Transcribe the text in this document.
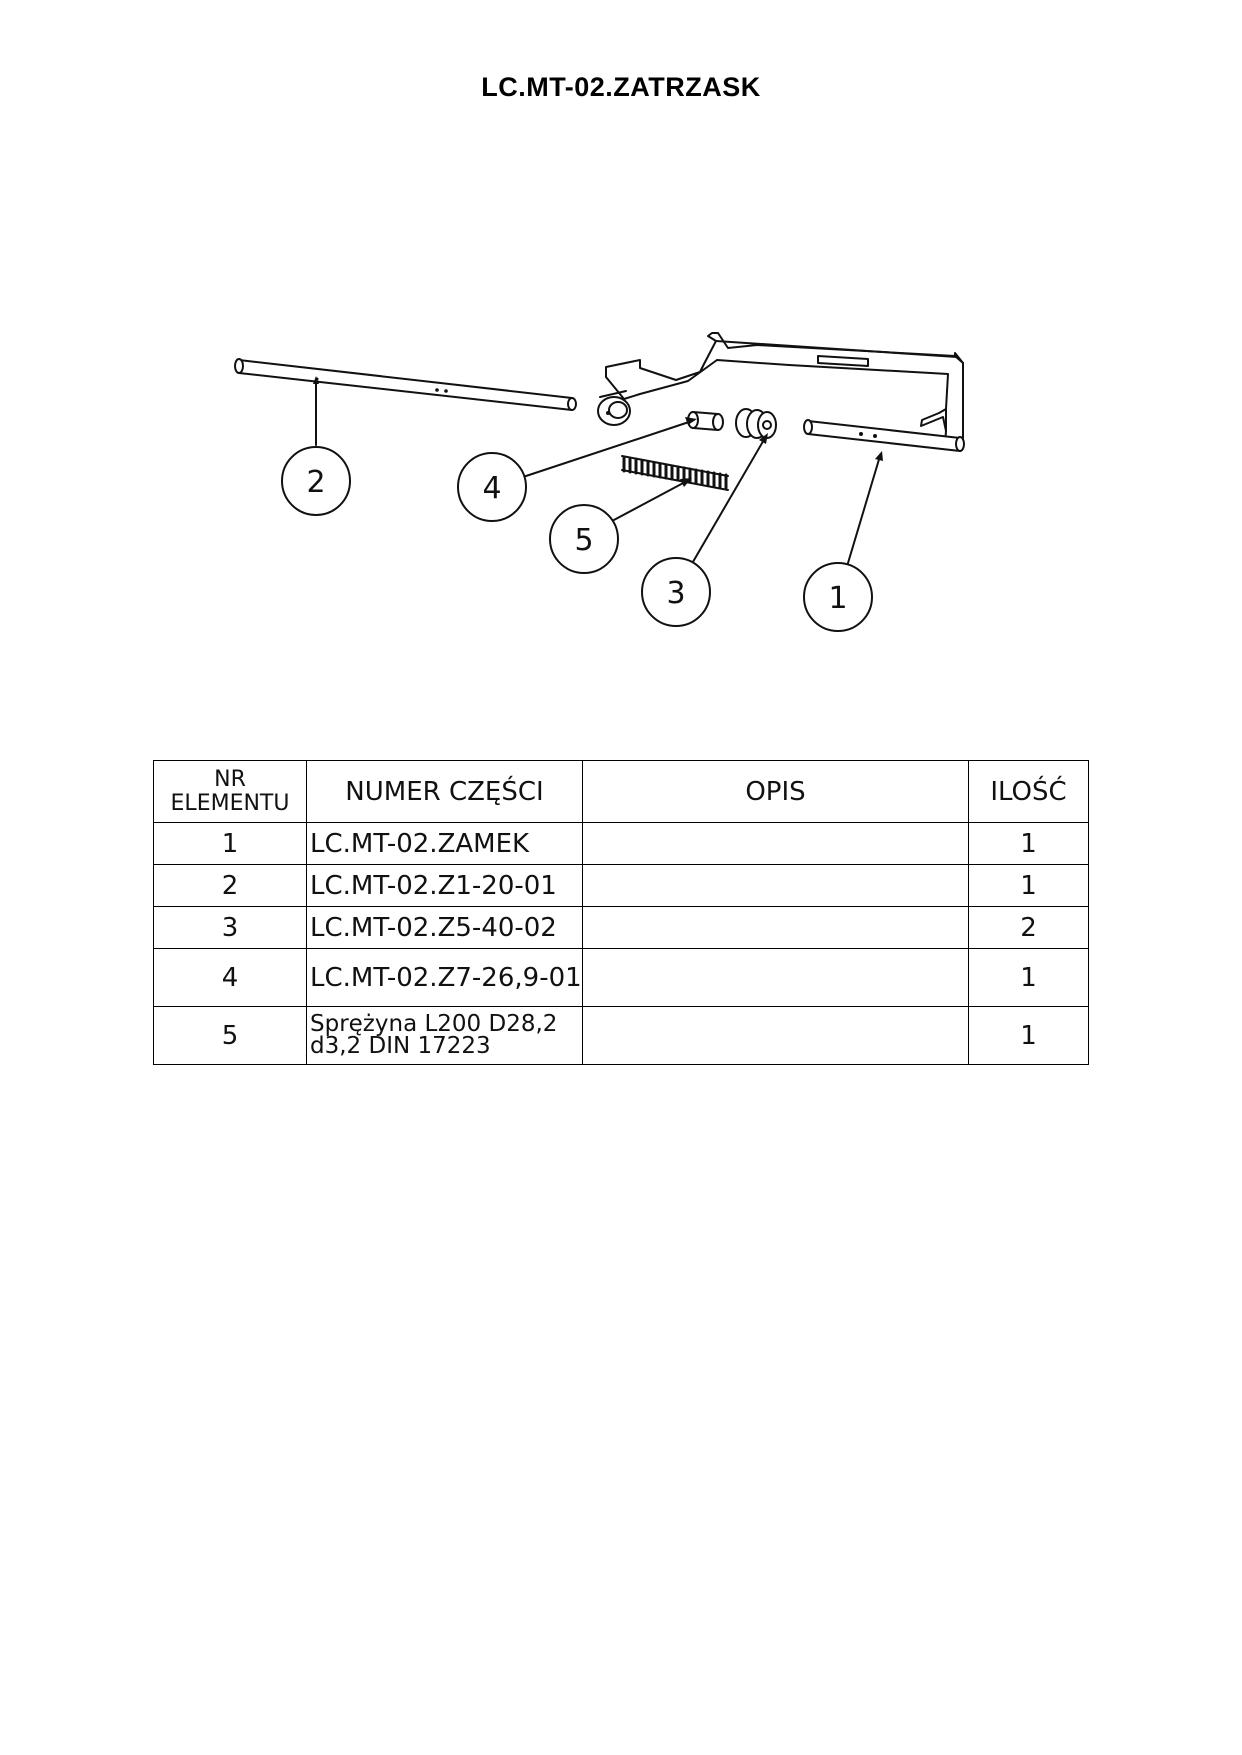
LC.MT-02.ZATRZASK
2	4
5
3	1
NR
ELEMENTU	NUMER CZĘŚCI	OPIS	ILOŚĆ
1	LC.MT-02.ZAMEK		1
2	LC.MT-02.Z1-20-01		1
3	LC.MT-02.Z5-40-02		2
4	LC.MT-02.Z7-26,9-01		1
5	Sprężyna L200 D28,2
d3,2 DIN 17223		1
